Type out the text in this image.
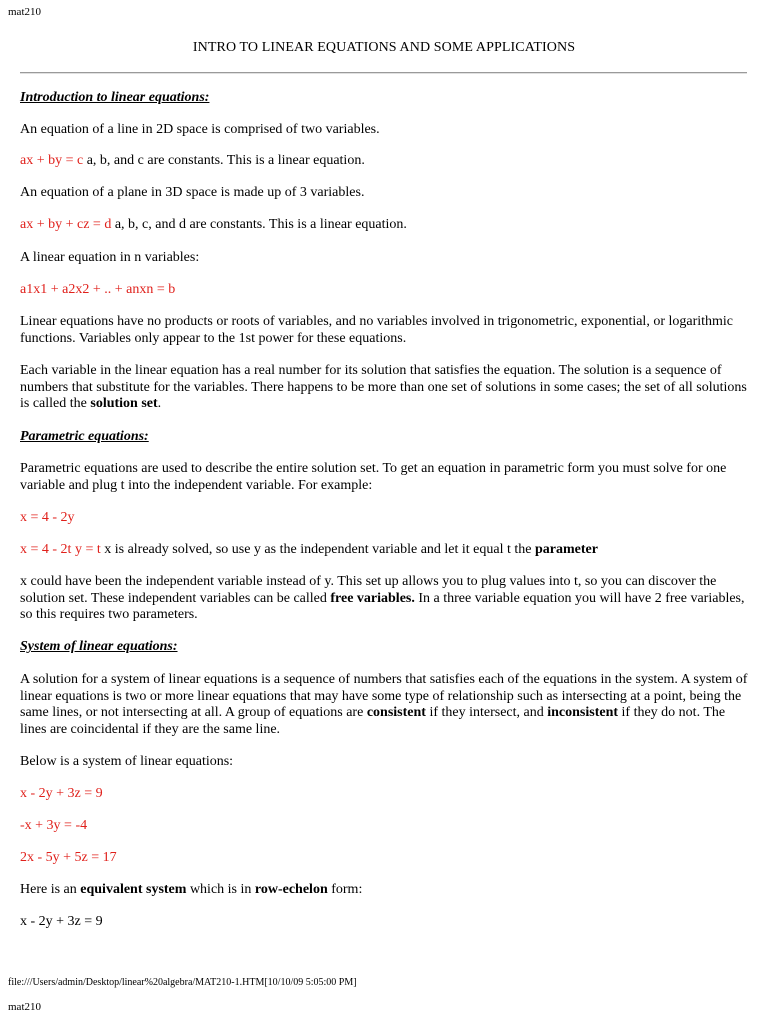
mat210
INTRO TO LINEAR EQUATIONS AND SOME APPLICATIONS

Introduction to linear equations:

An equation of a line in 2D space is comprised of two variables.

ax + by = c a, b, and c are constants. This is a linear equation.

An equation of a plane in 3D space is made up of 3 variables.

ax + by + cz = d a, b, c, and d are constants. This is a linear equation.

A linear equation in n variables:

a1x1 + a2x2 + .. + anxn = b

Linear equations have no products or roots of variables, and no variables involved in trigonometric, exponential, or logarithmic functions. Variables only appear to the 1st power for these equations.

Each variable in the linear equation has a real number for its solution that satisfies the equation. The solution is a sequence of numbers that substitute for the variables. There happens to be more than one set of solutions in some cases; the set of all solutions is called the solution set.

Parametric equations:

Parametric equations are used to describe the entire solution set. To get an equation in parametric form you must solve for one variable and plug t into the independent variable. For example:

x = 4 - 2y

x = 4 - 2t y = t x is already solved, so use y as the independent variable and let it equal t the parameter

x could have been the independent variable instead of y. This set up allows you to plug values into t, so you can discover the solution set. These independent variables can be called free variables. In a three variable equation you will have 2 free variables, so this requires two parameters.

System of linear equations:

A solution for a system of linear equations is a sequence of numbers that satisfies each of the equations in the system. A system of linear equations is two or more linear equations that may have some type of relationship such as intersecting at a point, being the same lines, or not intersecting at all. A group of equations are consistent if they intersect, and inconsistent if they do not. The lines are coincidental if they are the same line.

Below is a system of linear equations:

x - 2y + 3z = 9

-x + 3y = -4

2x - 5y + 5z = 17

Here is an equivalent system which is in row-echelon form:

x - 2y + 3z = 9

file:///Users/admin/Desktop/linear%20algebra/MAT210-1.HTM[10/10/09 5:05:00 PM]
mat210
